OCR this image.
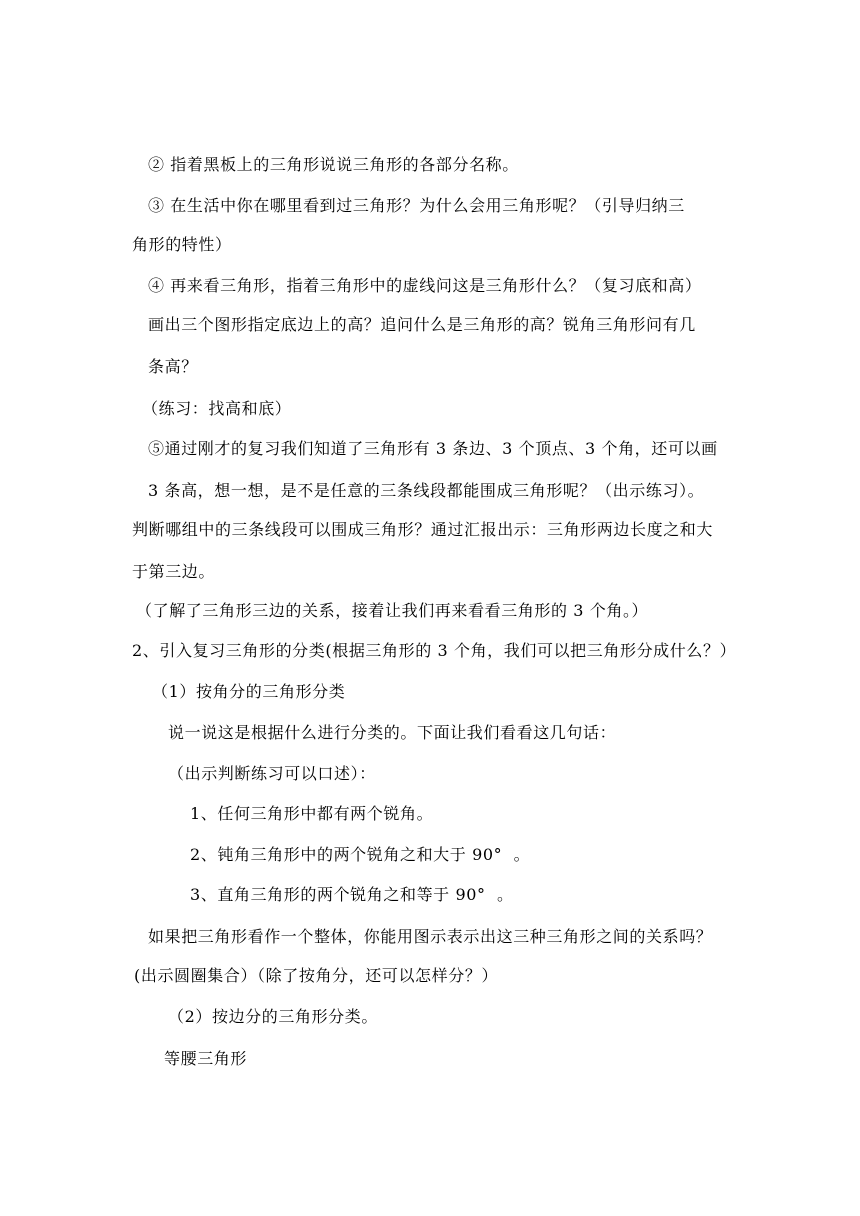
② 指着黑板上的三角形说说三角形的各部分名称。
③ 在生活中你在哪里看到过三角形？为什么会用三角形呢？（引导归纳三
角形的特性）
④ 再来看三角形，指着三角形中的虚线问这是三角形什么？（复习底和高）
画出三个图形指定底边上的高？追问什么是三角形的高？锐角三角形问有几
条高？
（练习：找高和底）
⑤通过刚才的复习我们知道了三角形有 3 条边、3 个顶点、3 个角，还可以画
3 条高，想一想，是不是任意的三条线段都能围成三角形呢？（出示练习）。
判断哪组中的三条线段可以围成三角形？通过汇报出示：三角形两边长度之和大
于第三边。
（了解了三角形三边的关系，接着让我们再来看看三角形的 3 个角。）
2、引入复习三角形的分类(根据三角形的 3 个角，我们可以把三角形分成什么？）
（1）按角分的三角形分类
说一说这是根据什么进行分类的。下面让我们看看这几句话：
（出示判断练习可以口述）：
1、任何三角形中都有两个锐角。
2、钝角三角形中的两个锐角之和大于 90°  。
3、直角三角形的两个锐角之和等于 90°  。
如果把三角形看作一个整体，你能用图示表示出这三种三角形之间的关系吗？
(出示圆圈集合）（除了按角分，还可以怎样分？）
（2）按边分的三角形分类。
等腰三角形
